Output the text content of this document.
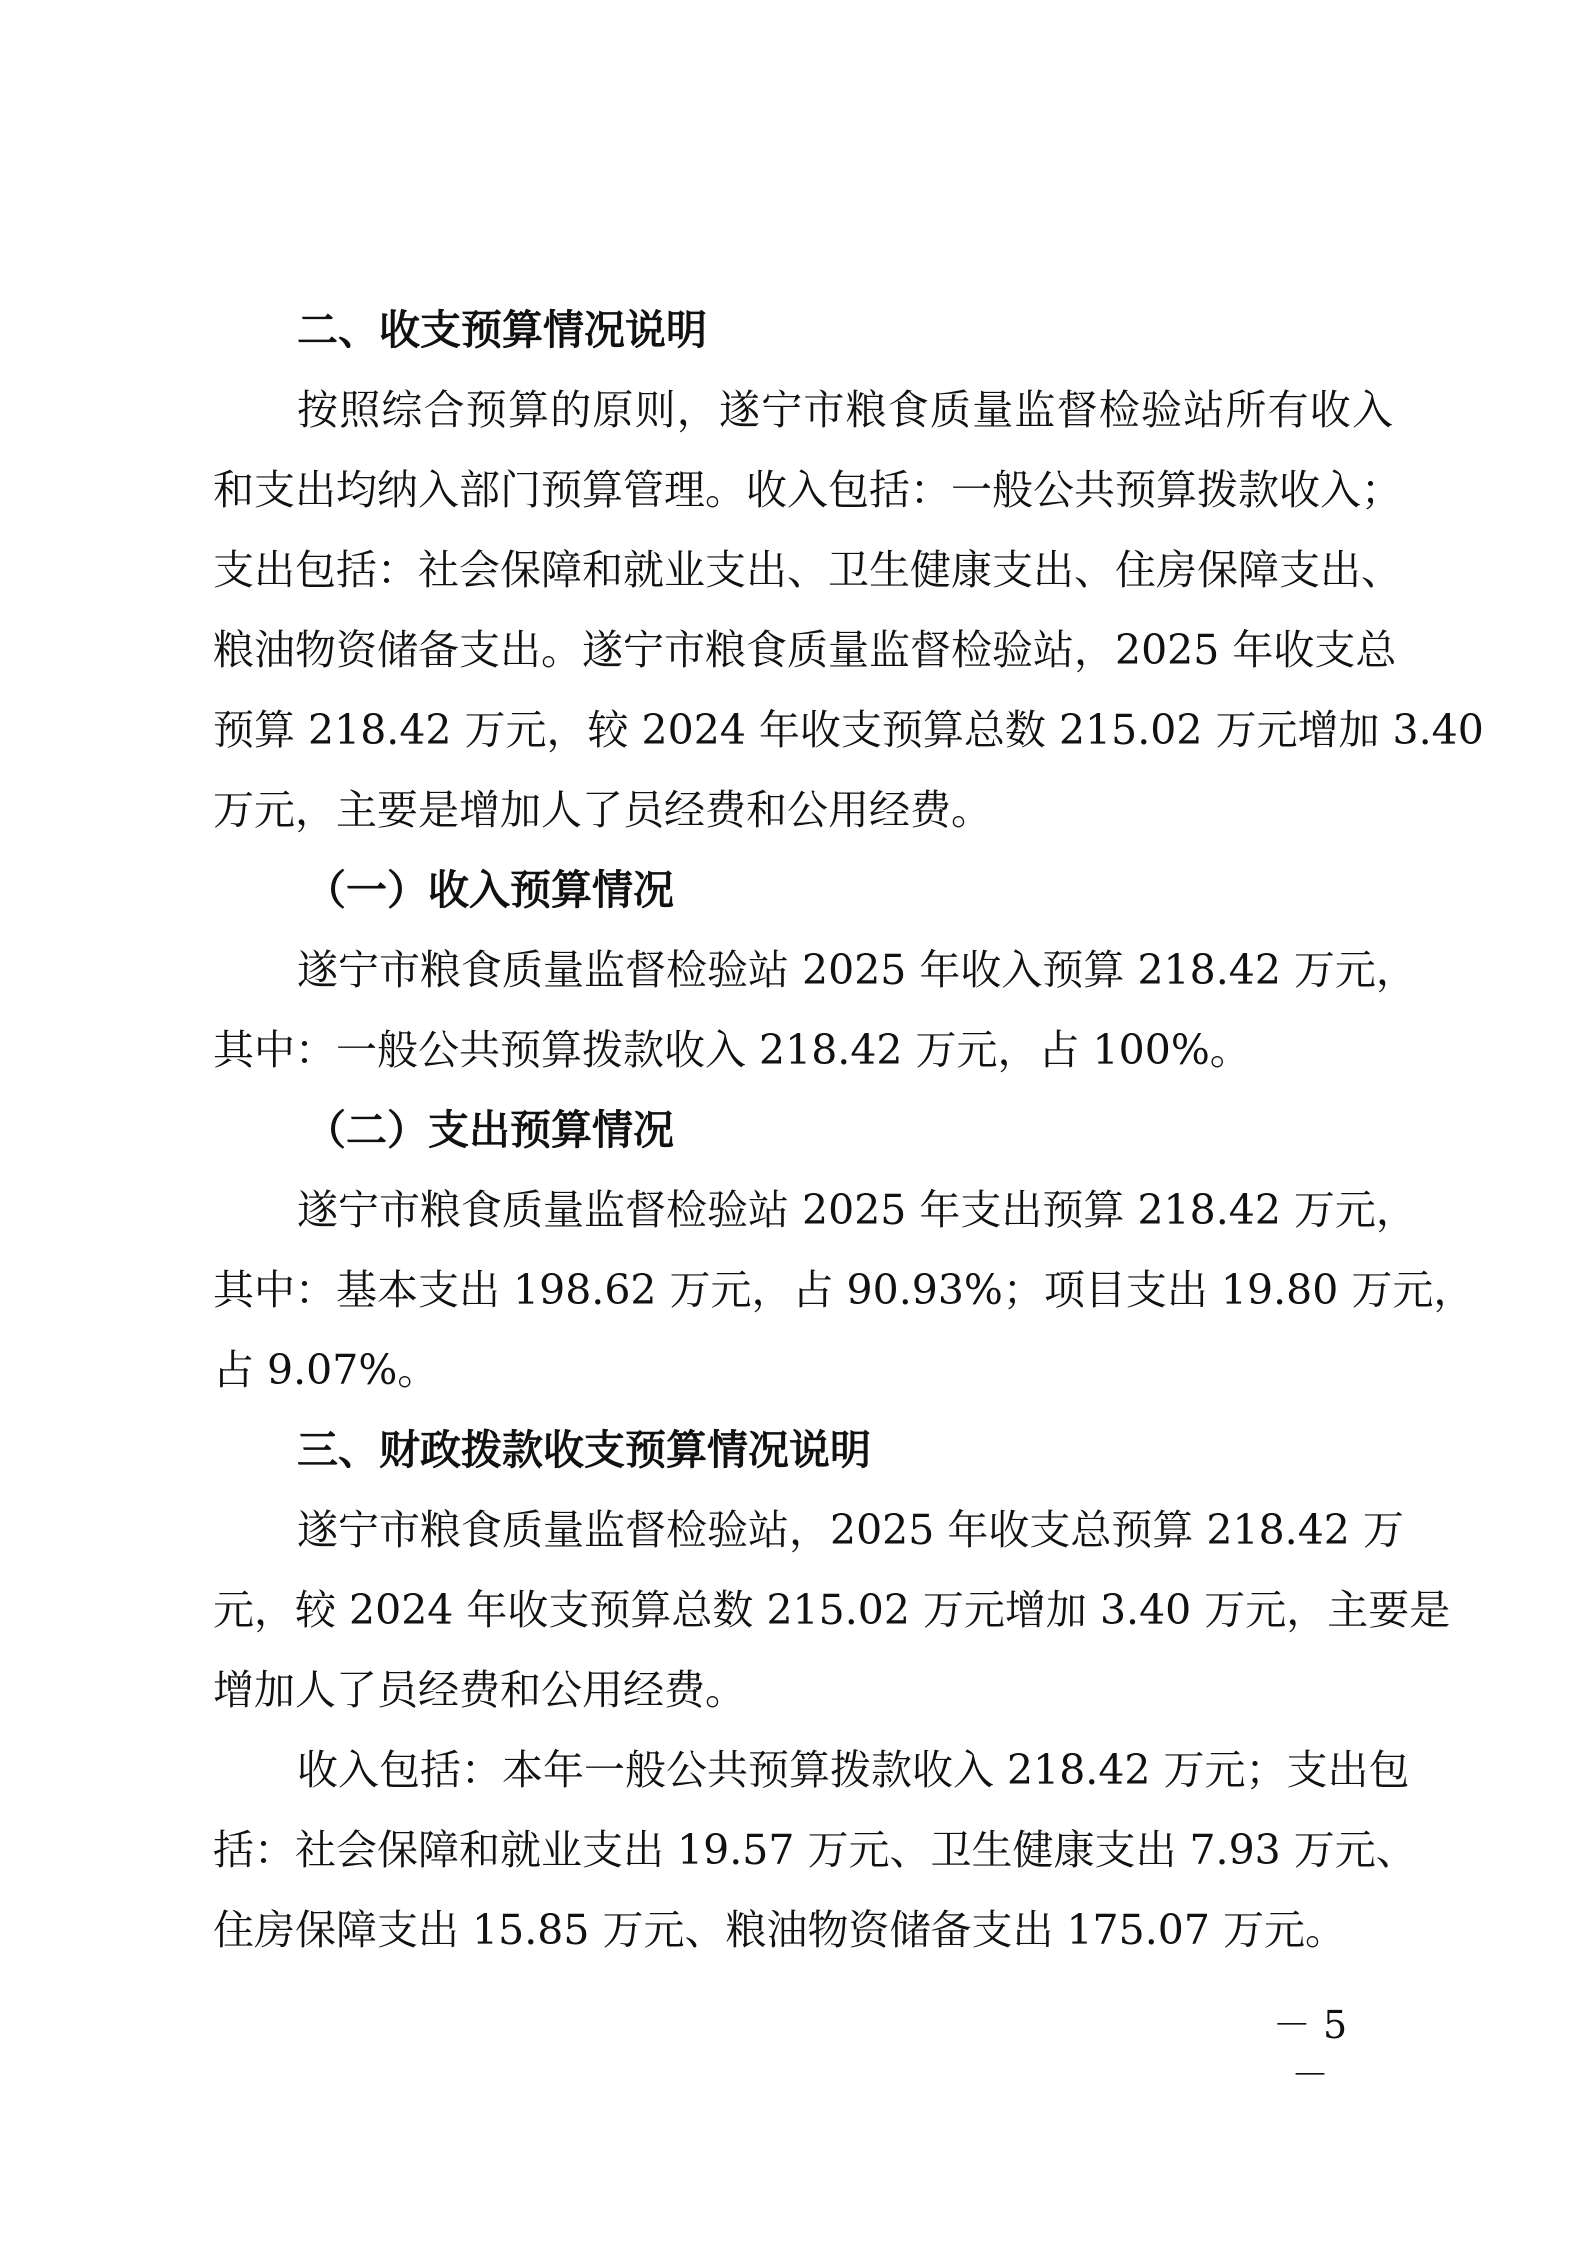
二、收支预算情况说明
按照综合预算的原则，遂宁市粮食质量监督检验站所有收入
和支出均纳入部门预算管理。收入包括：一般公共预算拨款收入；
支出包括：社会保障和就业支出、卫生健康支出、住房保障支出、
粮油物资储备支出。遂宁市粮食质量监督检验站，2025 年收支总
预算 218.42 万元，较 2024 年收支预算总数 215.02 万元增加 3.40
万元，主要是增加人了员经费和公用经费。
（一）收入预算情况
遂宁市粮食质量监督检验站 2025 年收入预算 218.42 万元，
其中：一般公共预算拨款收入 218.42 万元，占 100%。
（二）支出预算情况
遂宁市粮食质量监督检验站 2025 年支出预算 218.42 万元，
其中：基本支出 198.62 万元，占 90.93%；项目支出 19.80 万元，
占 9.07%。
三、财政拨款收支预算情况说明
遂宁市粮食质量监督检验站，2025 年收支总预算 218.42 万
元，较 2024 年收支预算总数 215.02 万元增加 3.40 万元，主要是
增加人了员经费和公用经费。
收入包括：本年一般公共预算拨款收入 218.42 万元；支出包
括：社会保障和就业支出 19.57 万元、卫生健康支出 7.93 万元、
住房保障支出 15.85 万元、粮油物资储备支出 175.07 万元。
－ 5 －
